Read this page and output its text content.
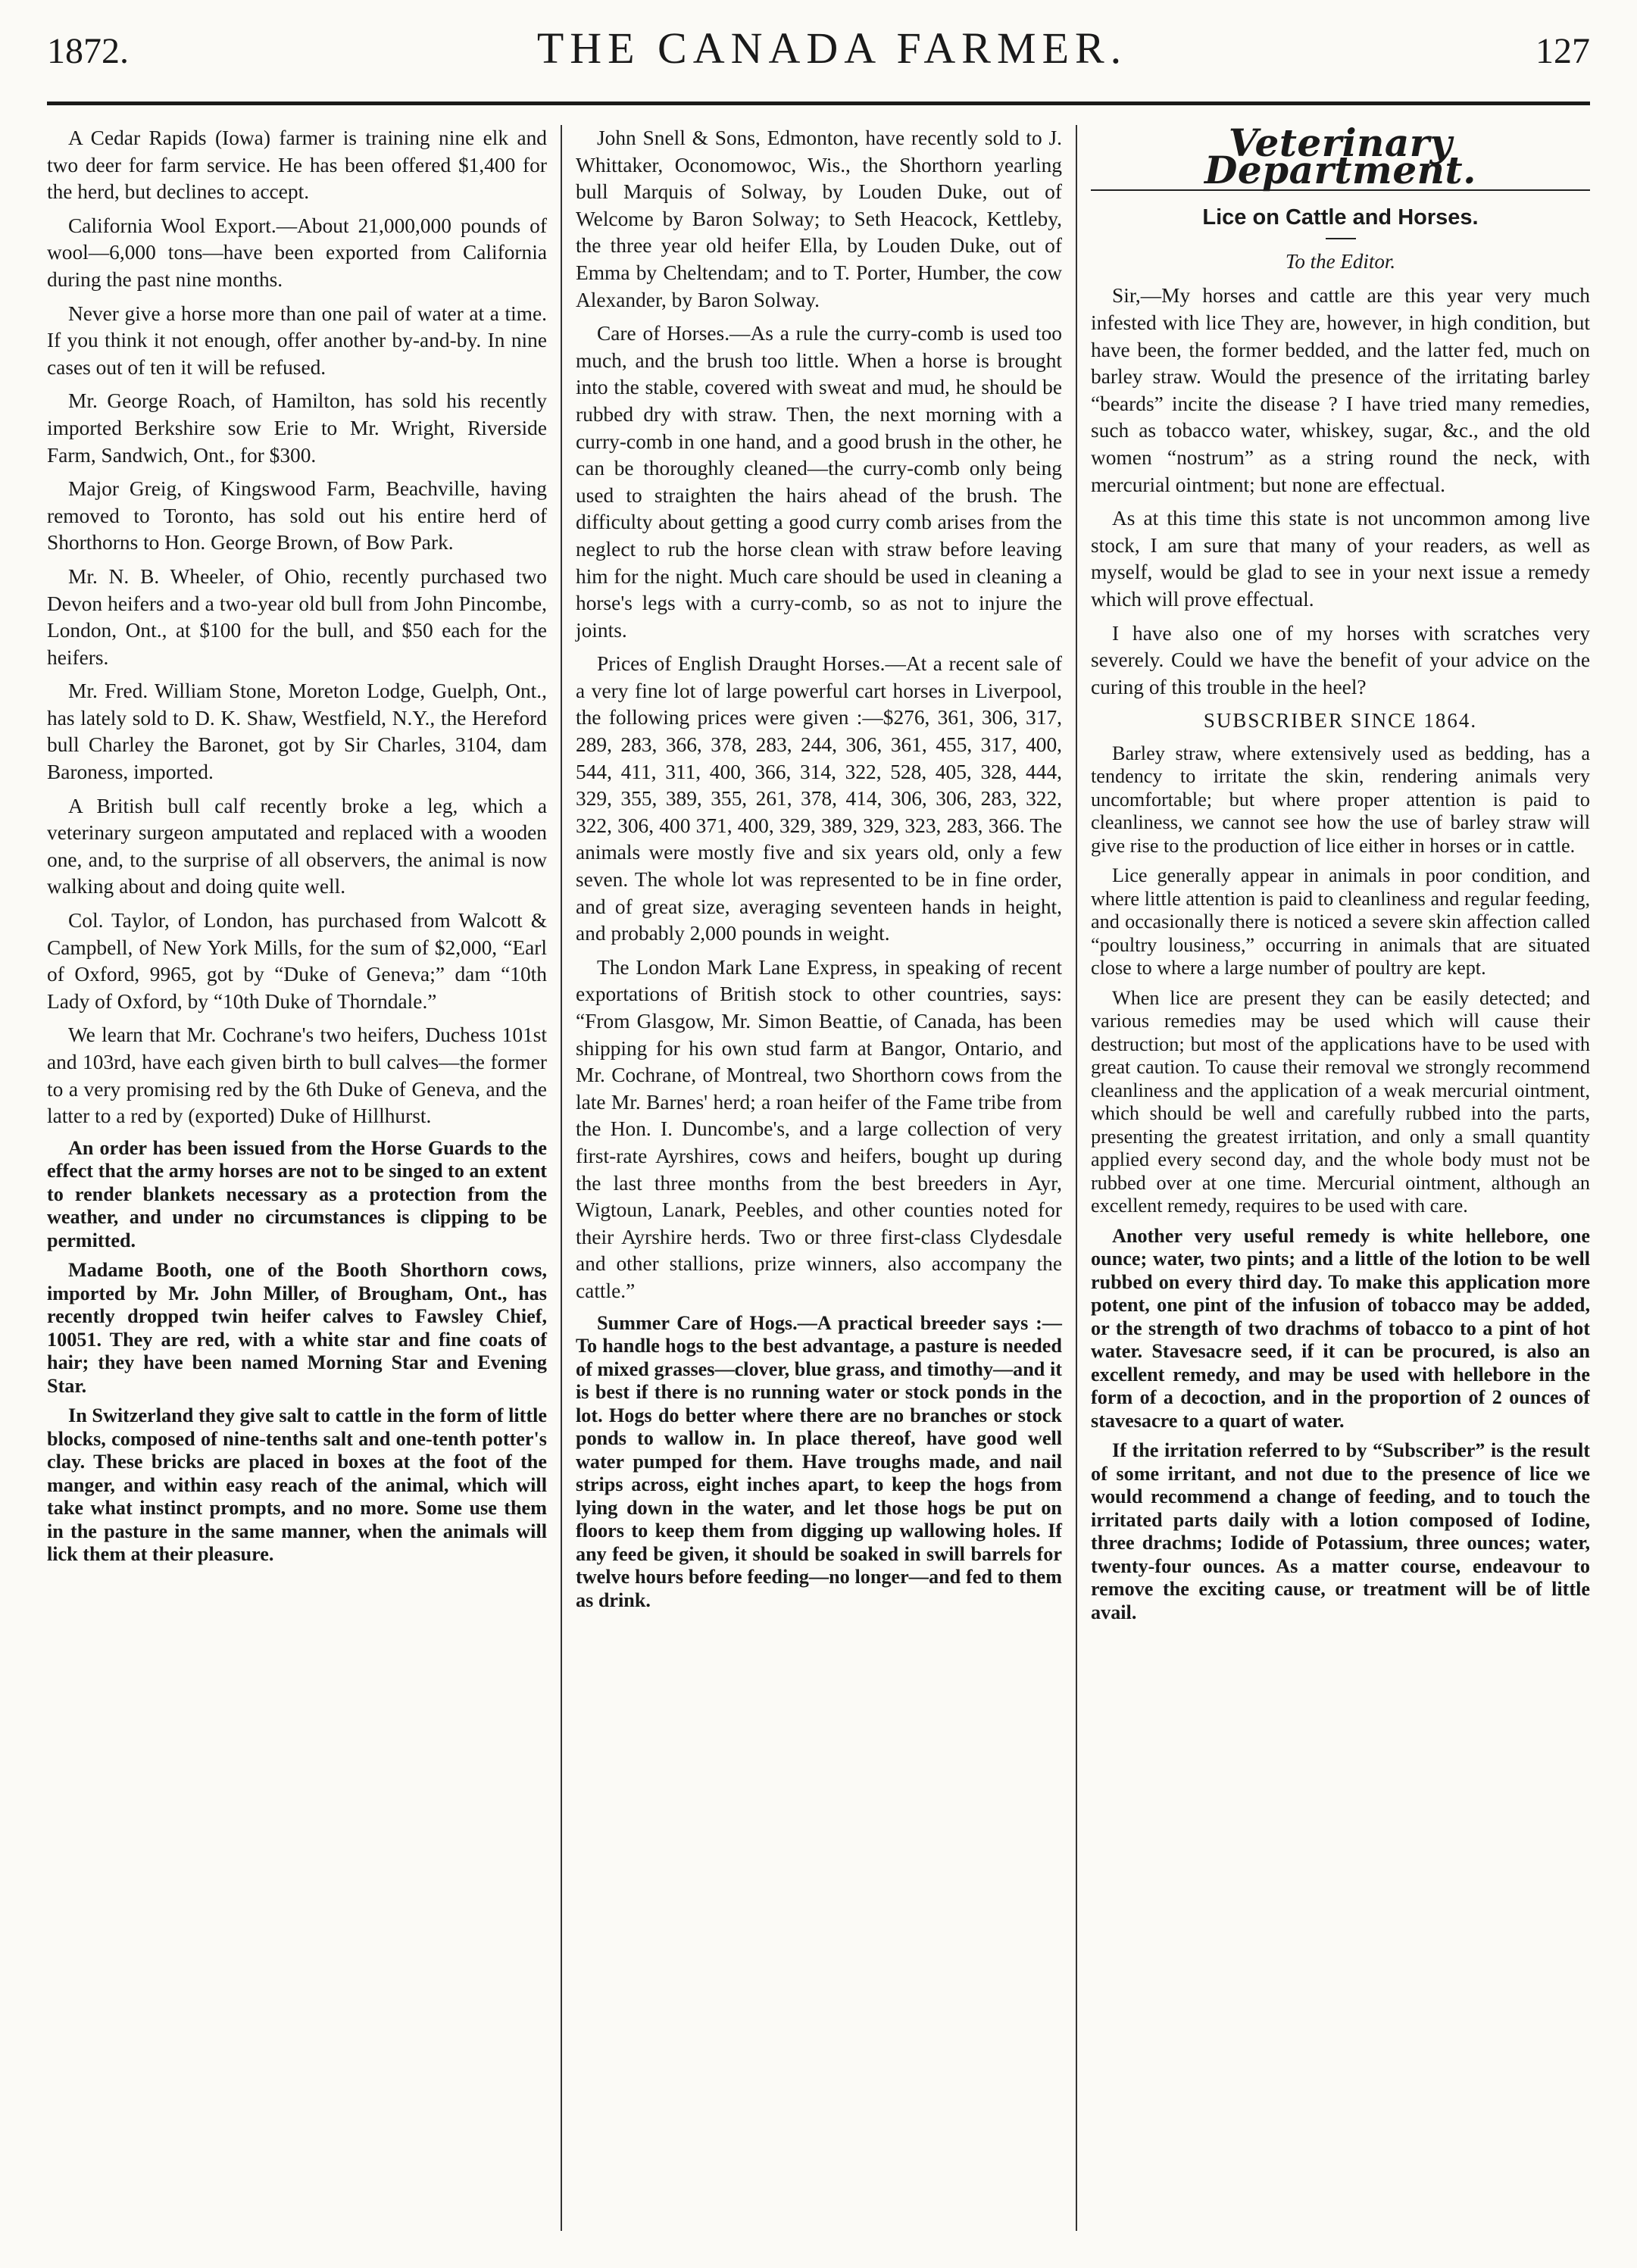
1872.	THE CANADA FARMER.	127

A Cedar Rapids (Iowa) farmer is training nine elk and two deer for farm service. He has been offered $1,400 for the herd, but declines to accept.

California Wool Export.—About 21,000,000 pounds of wool—6,000 tons—have been exported from California during the past nine months.

Never give a horse more than one pail of water at a time. If you think it not enough, offer another by-and-by. In nine cases out of ten it will be refused.

Mr. George Roach, of Hamilton, has sold his recently imported Berkshire sow Erie to Mr. Wright, Riverside Farm, Sandwich, Ont., for $300.

Major Greig, of Kingswood Farm, Beachville, having removed to Toronto, has sold out his entire herd of Shorthorns to Hon. George Brown, of Bow Park.

Mr. N. B. Wheeler, of Ohio, recently purchased two Devon heifers and a two-year old bull from John Pincombe, London, Ont., at $100 for the bull, and $50 each for the heifers.

Mr. Fred. William Stone, Moreton Lodge, Guelph, Ont., has lately sold to D. K. Shaw, Westfield, N.Y., the Hereford bull Charley the Baronet, got by Sir Charles, 3104, dam Baroness, imported.

A British bull calf recently broke a leg, which a veterinary surgeon amputated and replaced with a wooden one, and, to the surprise of all observers, the animal is now walking about and doing quite well.

Col. Taylor, of London, has purchased from Walcott & Campbell, of New York Mills, for the sum of $2,000, “Earl of Oxford, 9965, got by “Duke of Geneva;” dam “10th Lady of Oxford, by “10th Duke of Thorndale.”

We learn that Mr. Cochrane's two heifers, Duchess 101st and 103rd, have each given birth to bull calves—the former to a very promising red by the 6th Duke of Geneva, and the latter to a red by (exported) Duke of Hillhurst.

An order has been issued from the Horse Guards to the effect that the army horses are not to be singed to an extent to render blankets necessary as a protection from the weather, and under no circumstances is clipping to be permitted.

Madame Booth, one of the Booth Shorthorn cows, imported by Mr. John Miller, of Brougham, Ont., has recently dropped twin heifer calves to Fawsley Chief, 10051. They are red, with a white star and fine coats of hair; they have been named Morning Star and Evening Star.

In Switzerland they give salt to cattle in the form of little blocks, composed of nine-tenths salt and one-tenth potter's clay. These bricks are placed in boxes at the foot of the manger, and within easy reach of the animal, which will take what instinct prompts, and no more. Some use them in the pasture in the same manner, when the animals will lick them at their pleasure.

John Snell & Sons, Edmonton, have recently sold to J. Whittaker, Oconomowoc, Wis., the Shorthorn yearling bull Marquis of Solway, by Louden Duke, out of Welcome by Baron Solway; to Seth Heacock, Kettleby, the three year old heifer Ella, by Louden Duke, out of Emma by Cheltendam; and to T. Porter, Humber, the cow Alexander, by Baron Solway.

Care of Horses.—As a rule the curry-comb is used too much, and the brush too little. When a horse is brought into the stable, covered with sweat and mud, he should be rubbed dry with straw. Then, the next morning with a curry-comb in one hand, and a good brush in the other, he can be thoroughly cleaned—the curry-comb only being used to straighten the hairs ahead of the brush. The difficulty about getting a good curry comb arises from the neglect to rub the horse clean with straw before leaving him for the night. Much care should be used in cleaning a horse's legs with a curry-comb, so as not to injure the joints.

Prices of English Draught Horses.—At a recent sale of a very fine lot of large powerful cart horses in Liverpool, the following prices were given :—$276, 361, 306, 317, 289, 283, 366, 378, 283, 244, 306, 361, 455, 317, 400, 544, 411, 311, 400, 366, 314, 322, 528, 405, 328, 444, 329, 355, 389, 355, 261, 378, 414, 306, 306, 283, 322, 322, 306, 400 371, 400, 329, 389, 329, 323, 283, 366. The animals were mostly five and six years old, only a few seven. The whole lot was represented to be in fine order, and of great size, averaging seventeen hands in height, and probably 2,000 pounds in weight.

The London Mark Lane Express, in speaking of recent exportations of British stock to other countries, says: “From Glasgow, Mr. Simon Beattie, of Canada, has been shipping for his own stud farm at Bangor, Ontario, and Mr. Cochrane, of Montreal, two Shorthorn cows from the late Mr. Barnes' herd; a roan heifer of the Fame tribe from the Hon. I. Duncombe's, and a large collection of very first-rate Ayrshires, cows and heifers, bought up during the last three months from the best breeders in Ayr, Wigtoun, Lanark, Peebles, and other counties noted for their Ayrshire herds. Two or three first-class Clydesdale and other stallions, prize winners, also accompany the cattle.”

Summer Care of Hogs.—A practical breeder says :—To handle hogs to the best advantage, a pasture is needed of mixed grasses—clover, blue grass, and timothy—and it is best if there is no running water or stock ponds in the lot. Hogs do better where there are no branches or stock ponds to wallow in. In place thereof, have good well water pumped for them. Have troughs made, and nail strips across, eight inches apart, to keep the hogs from lying down in the water, and let those hogs be put on floors to keep them from digging up wallowing holes. If any feed be given, it should be soaked in swill barrels for twelve hours before feeding—no longer—and fed to them as drink.

Veterinary Department.
Lice on Cattle and Horses.
To the Editor.

Sir,—My horses and cattle are this year very much infested with lice They are, however, in high condition, but have been, the former bedded, and the latter fed, much on barley straw. Would the presence of the irritating barley “beards” incite the disease ? I have tried many remedies, such as tobacco water, whiskey, sugar, &c., and the old women “nostrum” as a string round the neck, with mercurial ointment; but none are effectual.

As at this time this state is not uncommon among live stock, I am sure that many of your readers, as well as myself, would be glad to see in your next issue a remedy which will prove effectual.

I have also one of my horses with scratches very severely. Could we have the benefit of your advice on the curing of this trouble in the heel?

SUBSCRIBER SINCE 1864.

Barley straw, where extensively used as bedding, has a tendency to irritate the skin, rendering animals very uncomfortable; but where proper attention is paid to cleanliness, we cannot see how the use of barley straw will give rise to the production of lice either in horses or in cattle.

Lice generally appear in animals in poor condition, and where little attention is paid to cleanliness and regular feeding, and occasionally there is noticed a severe skin affection called “poultry lousiness,” occurring in animals that are situated close to where a large number of poultry are kept.

When lice are present they can be easily detected; and various remedies may be used which will cause their destruction; but most of the applications have to be used with great caution. To cause their removal we strongly recommend cleanliness and the application of a weak mercurial ointment, which should be well and carefully rubbed into the parts, presenting the greatest irritation, and only a small quantity applied every second day, and the whole body must not be rubbed over at one time. Mercurial ointment, although an excellent remedy, requires to be used with care.

Another very useful remedy is white hellebore, one ounce; water, two pints; and a little of the lotion to be well rubbed on every third day. To make this application more potent, one pint of the infusion of tobacco may be added, or the strength of two drachms of tobacco to a pint of hot water. Stavesacre seed, if it can be procured, is also an excellent remedy, and may be used with hellebore in the form of a decoction, and in the proportion of 2 ounces of stavesacre to a quart of water.

If the irritation referred to by “Subscriber” is the result of some irritant, and not due to the presence of lice we would recommend a change of feeding, and to touch the irritated parts daily with a lotion composed of Iodine, three drachms; Iodide of Potassium, three ounces; water, twenty-four ounces. As a matter course, endeavour to remove the exciting cause, or treatment will be of little avail.
